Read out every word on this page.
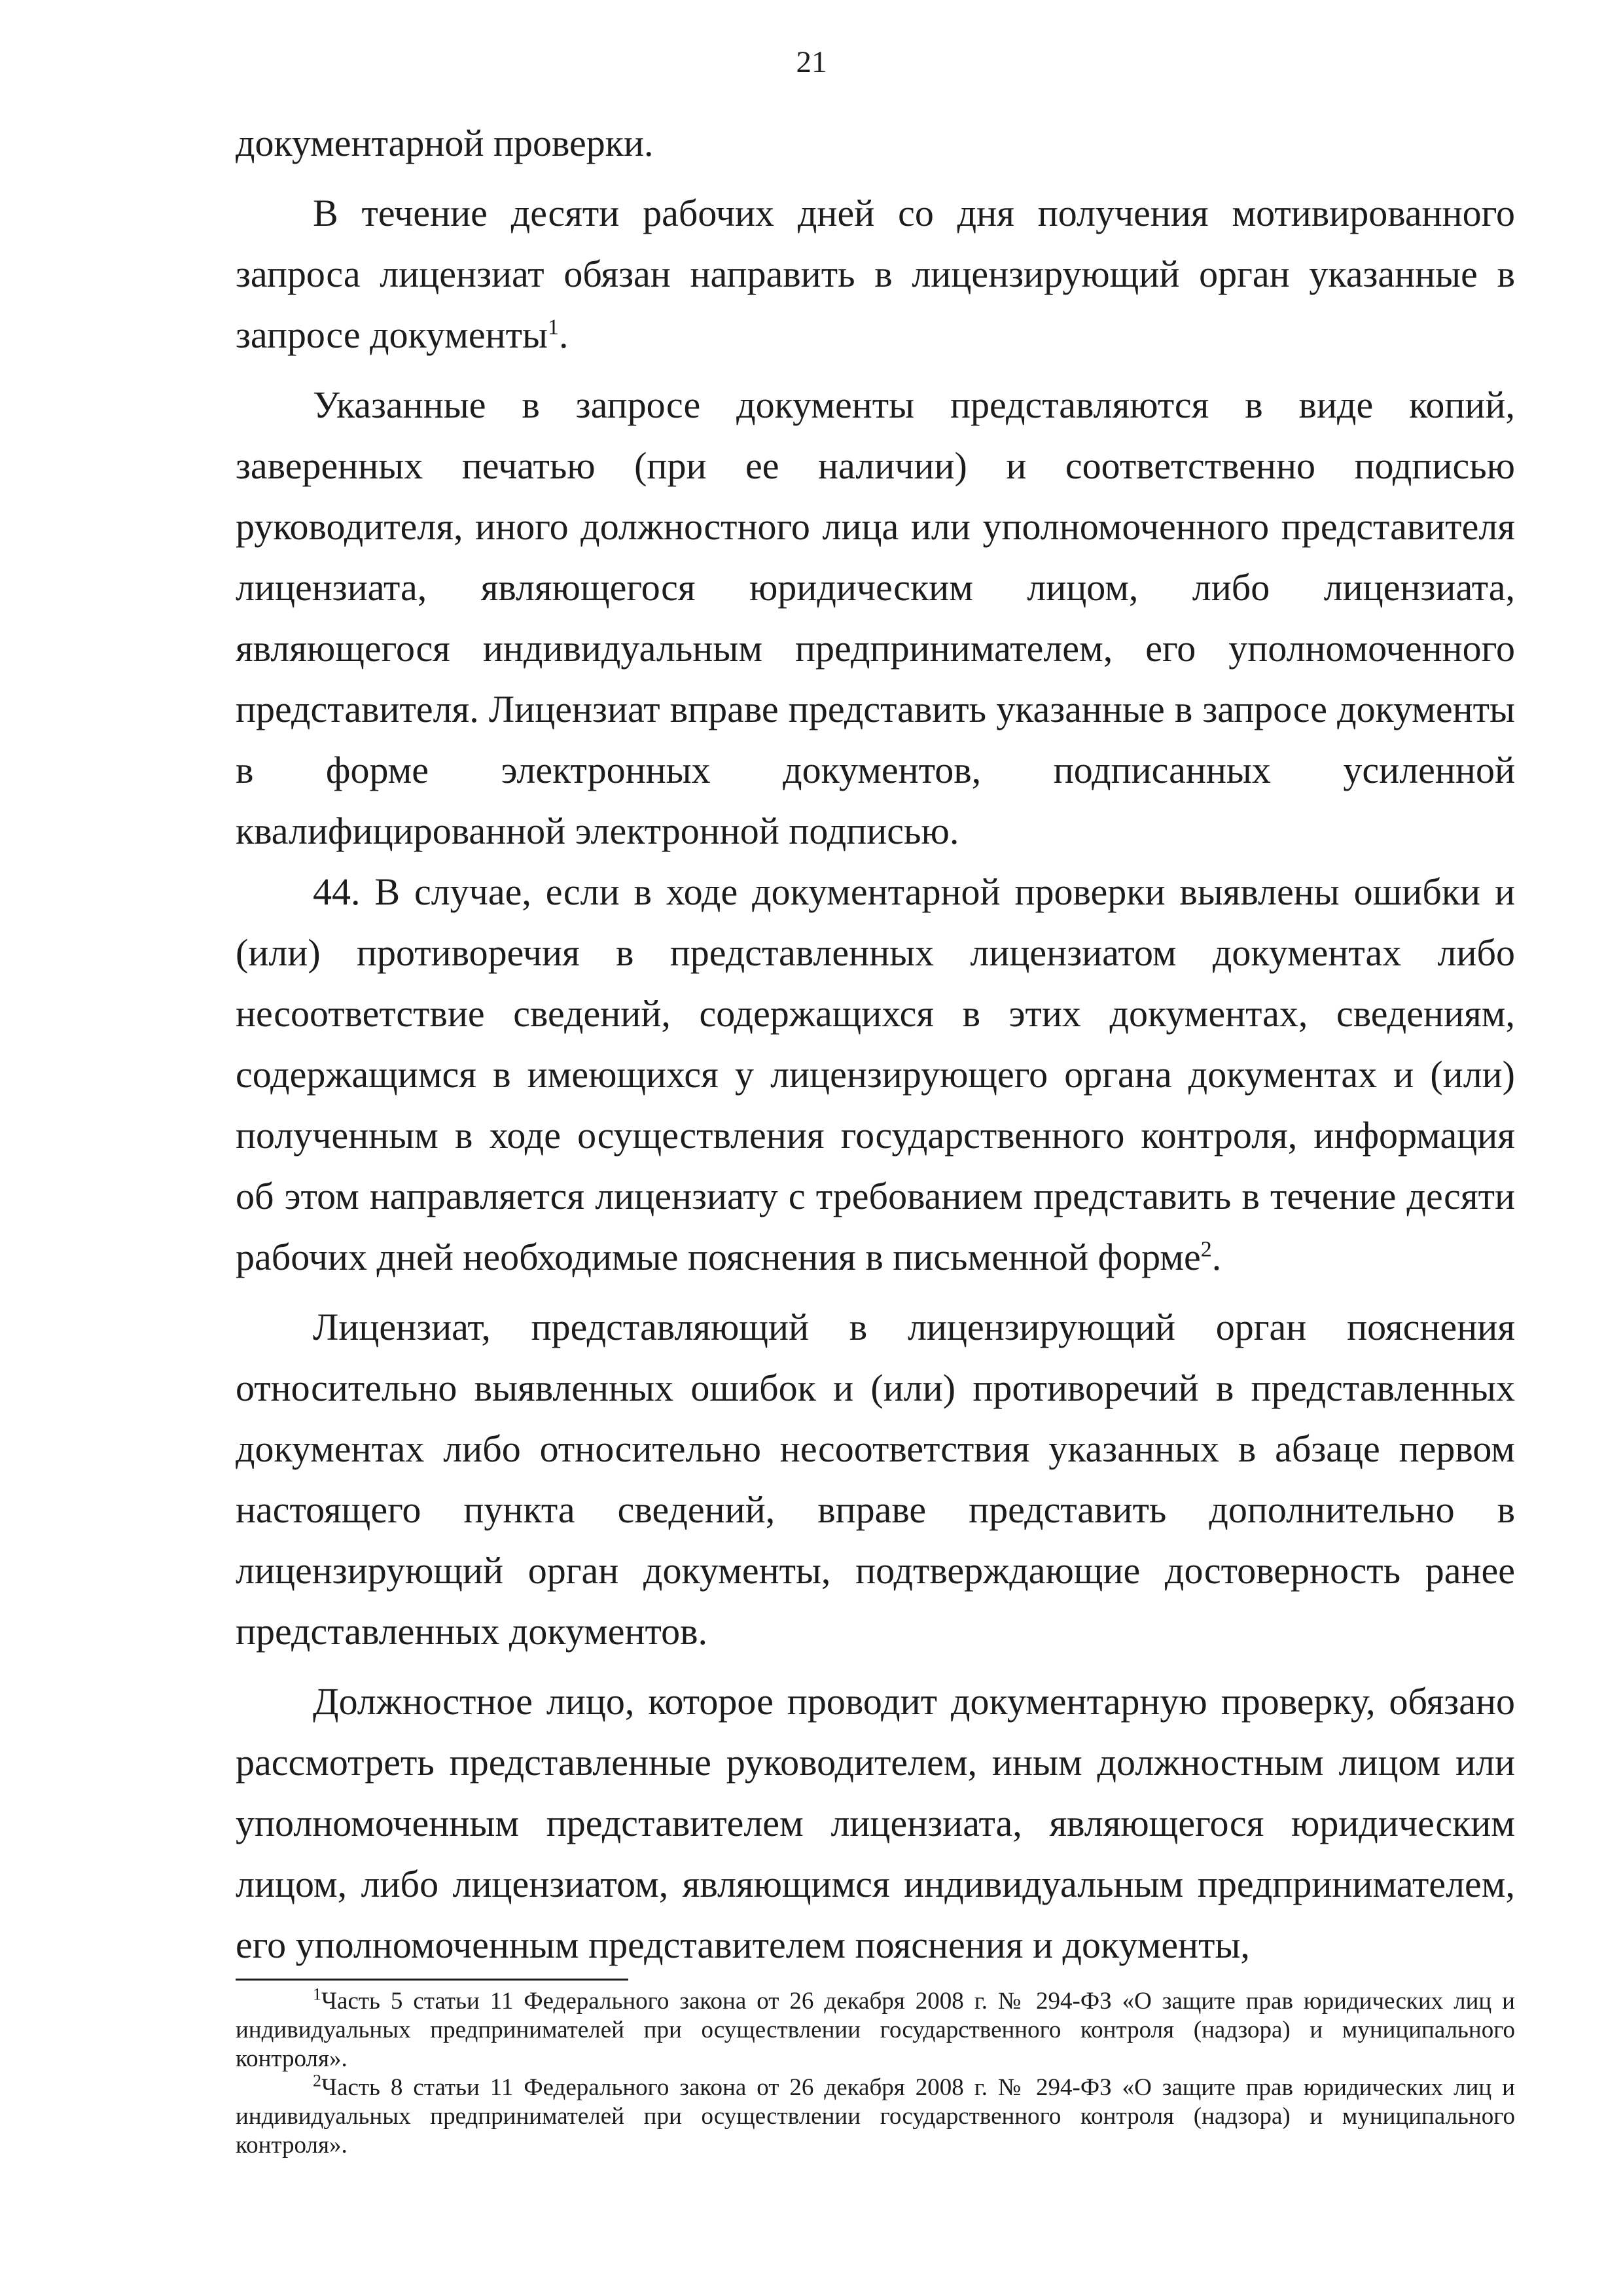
21

документарной проверки.

В течение десяти рабочих дней со дня получения мотивированного запроса лицензиат обязан направить в лицензирующий орган указанные в запросе документы$^1$.

Указанные в запросе документы представляются в виде копий, заверенных печатью (при ее наличии) и соответственно подписью руководителя, иного должностного лица или уполномоченного представителя лицензиата, являющегося юридическим лицом, либо лицензиата, являющегося индивидуальным предпринимателем, его уполномоченного представителя. Лицензиат вправе представить указанные в запросе документы в форме электронных документов, подписанных усиленной квалифицированной электронной подписью.

44. В случае, если в ходе документарной проверки выявлены ошибки и (или) противоречия в представленных лицензиатом документах либо несоответствие сведений, содержащихся в этих документах, сведениям, содержащимся в имеющихся у лицензирующего органа документах и (или) полученным в ходе осуществления государственного контроля, информация об этом направляется лицензиату с требованием представить в течение десяти рабочих дней необходимые пояснения в письменной форме$^2$.

Лицензиат, представляющий в лицензирующий орган пояснения относительно выявленных ошибок и (или) противоречий в представленных документах либо относительно несоответствия указанных в абзаце первом настоящего пункта сведений, вправе представить дополнительно в лицензирующий орган документы, подтверждающие достоверность ранее представленных документов.

Должностное лицо, которое проводит документарную проверку, обязано рассмотреть представленные руководителем, иным должностным лицом или уполномоченным представителем лицензиата, являющегося юридическим лицом, либо лицензиатом, являющимся индивидуальным предпринимателем, его уполномоченным представителем пояснения и документы,

$^1$Часть 5 статьи 11 Федерального закона от 26 декабря 2008 г. № 294-ФЗ «О защите прав юридических лиц и индивидуальных предпринимателей при осуществлении государственного контроля (надзора) и муниципального контроля».

$^2$Часть 8 статьи 11 Федерального закона от 26 декабря 2008 г. № 294-ФЗ «О защите прав юридических лиц и индивидуальных предпринимателей при осуществлении государственного контроля (надзора) и муниципального контроля».
